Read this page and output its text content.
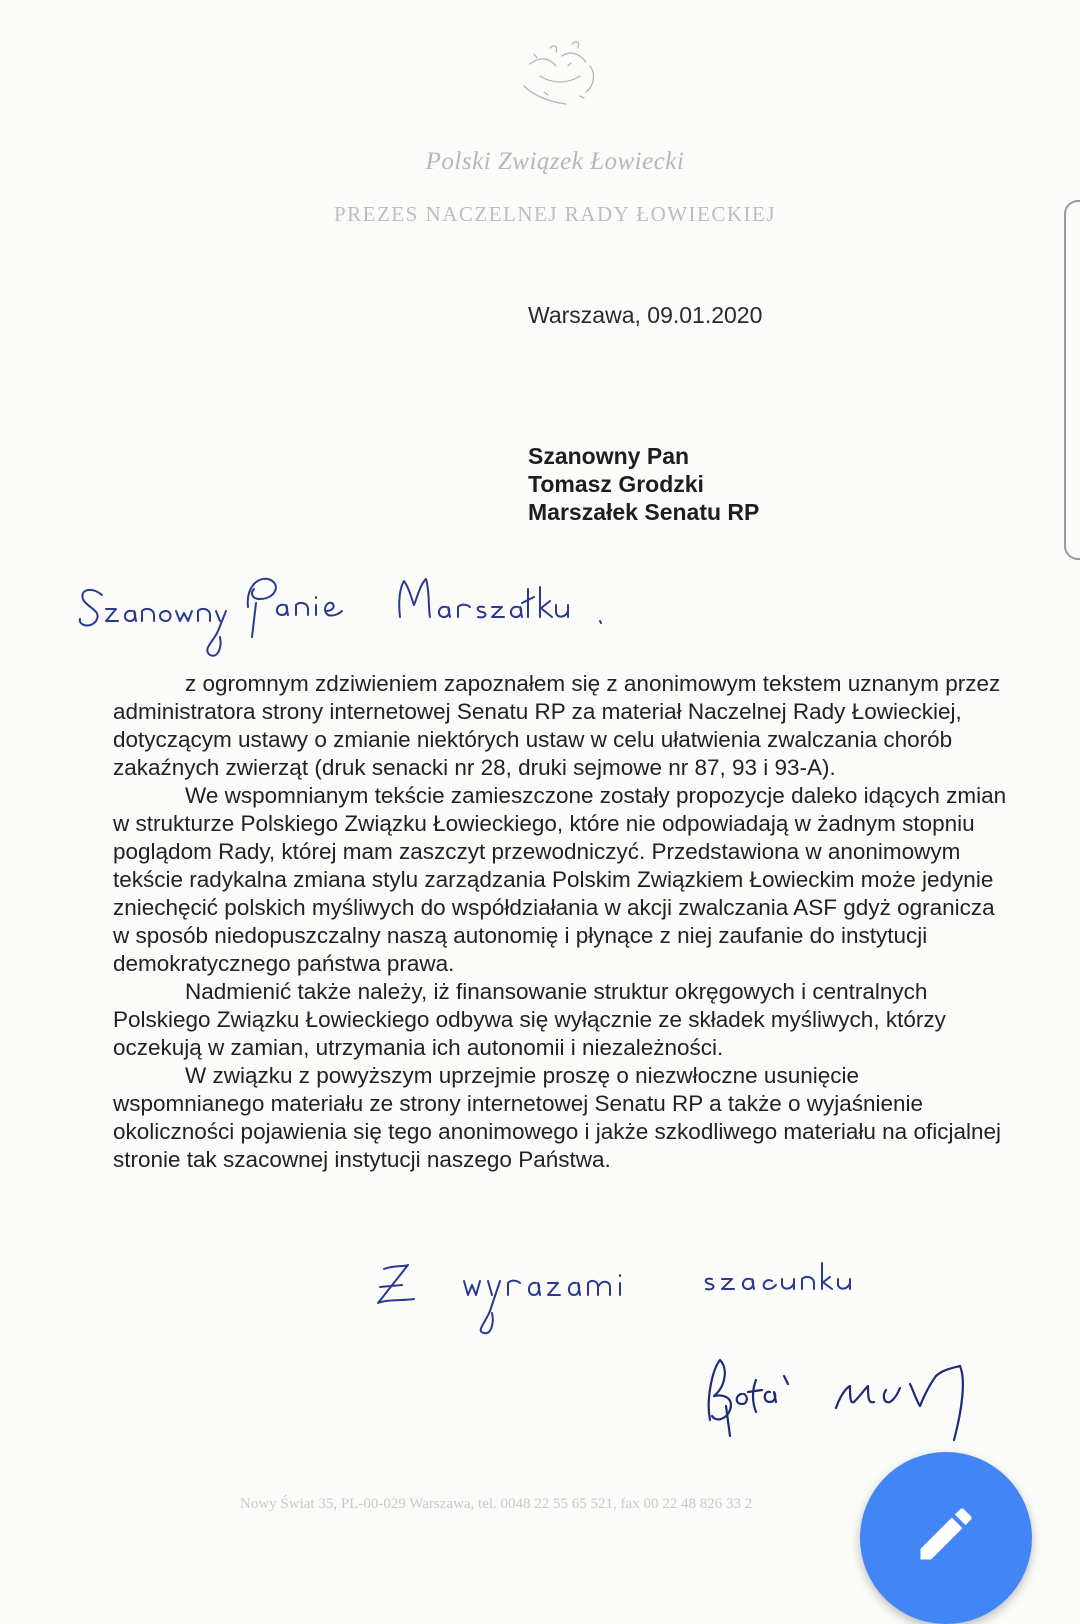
Polski Związek Łowiecki
PREZES NACZELNEJ RADY ŁOWIECKIEJ
Warszawa, 09.01.2020
Szanowny Pan
Tomasz Grodzki
Marszałek Senatu RP

z ogromnym zdziwieniem zapoznałem się z anonimowym tekstem uznanym przez administratora strony internetowej Senatu RP za materiał Naczelnej Rady Łowieckiej, dotyczącym ustawy o zmianie niektórych ustaw w celu ułatwienia zwalczania chorób zakaźnych zwierząt (druk senacki nr 28, druki sejmowe nr 87, 93 i 93-A).

We wspomnianym tekście zamieszczone zostały propozycje daleko idących zmian w strukturze Polskiego Związku Łowieckiego, które nie odpowiadają w żadnym stopniu poglądom Rady, której mam zaszczyt przewodniczyć. Przedstawiona w anonimowym tekście radykalna zmiana stylu zarządzania Polskim Związkiem Łowieckim może jedynie zniechęcić polskich myśliwych do współdziałania w akcji zwalczania ASF gdyż ogranicza w sposób niedopuszczalny naszą autonomię i płynące z niej zaufanie do instytucji demokratycznego państwa prawa.

Nadmienić także należy, iż finansowanie struktur okręgowych i centralnych Polskiego Związku Łowieckiego odbywa się wyłącznie ze składek myśliwych, którzy oczekują w zamian, utrzymania ich autonomii i niezależności.

W związku z powyższym uprzejmie proszę o niezwłoczne usunięcie wspomnianego materiału ze strony internetowej Senatu RP a także o wyjaśnienie okoliczności pojawienia się tego anonimowego i jakże szkodliwego materiału na oficjalnej stronie tak szacownej instytucji naszego Państwa.

Nowy Świat 35, PL-00-029 Warszawa, tel. 0048 22 55 65 521, fax 00 22 48 826 33 2
